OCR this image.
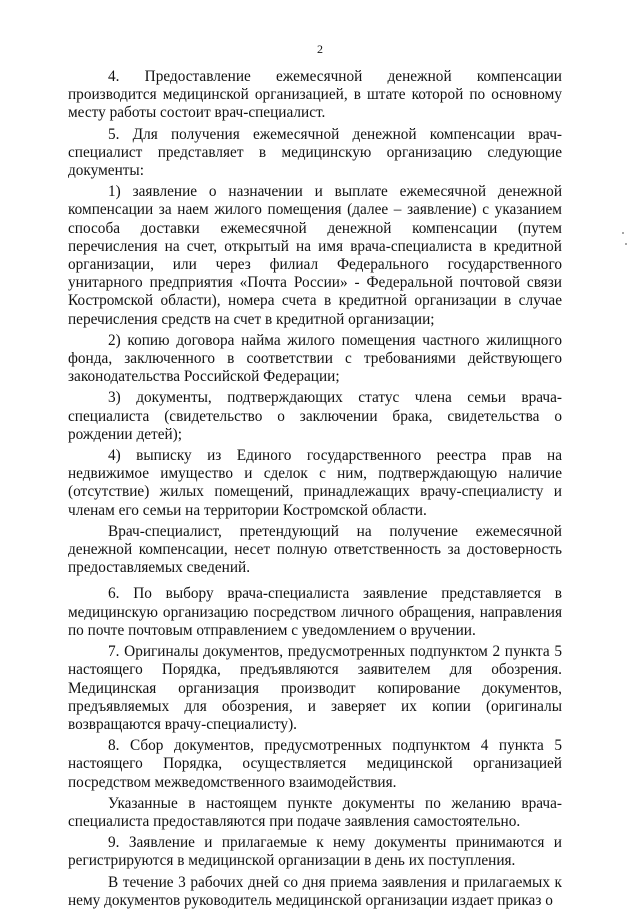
2

4. Предоставление ежемесячной денежной компенсации производится медицинской организацией, в штате которой по основному месту работы состоит врач-специалист.

5. Для получения ежемесячной денежной компенсации врач-специалист представляет в медицинскую организацию следующие документы:

1) заявление о назначении и выплате ежемесячной денежной компенсации за наем жилого помещения (далее – заявление) с указанием способа доставки ежемесячной денежной компенсации (путем перечисления на счет, открытый на имя врача-специалиста в кредитной организации, или через филиал Федерального государственного унитарного предприятия «Почта России» - Федеральной почтовой связи Костромской области), номера счета в кредитной организации в случае перечисления средств на счет в кредитной организации;

2) копию договора найма жилого помещения частного жилищного фонда, заключенного в соответствии с требованиями действующего законодательства Российской Федерации;

3) документы, подтверждающих статус члена семьи врача-специалиста (свидетельство о заключении брака, свидетельства о рождении детей);

4) выписку из Единого государственного реестра прав на недвижимое имущество и сделок с ним, подтверждающую наличие (отсутствие) жилых помещений, принадлежащих врачу-специалисту и членам его семьи на территории Костромской области.

Врач-специалист, претендующий на получение ежемесячной денежной компенсации, несет полную ответственность за достоверность предоставляемых сведений.

6. По выбору врача-специалиста заявление представляется в медицинскую организацию посредством личного обращения, направления по почте почтовым отправлением с уведомлением о вручении.

7. Оригиналы документов, предусмотренных подпунктом 2 пункта 5 настоящего Порядка, предъявляются заявителем для обозрения. Медицинская организация производит копирование документов, предъявляемых для обозрения, и заверяет их копии (оригиналы возвращаются врачу-специалисту).

8. Сбор документов, предусмотренных подпунктом 4 пункта 5 настоящего Порядка, осуществляется медицинской организацией посредством межведомственного взаимодействия.

Указанные в настоящем пункте документы по желанию врача-специалиста предоставляются при подаче заявления самостоятельно.

9. Заявление и прилагаемые к нему документы принимаются и регистрируются в медицинской организации в день их поступления.

В течение 3 рабочих дней со дня приема заявления и прилагаемых к нему документов руководитель медицинской организации издает приказ о
